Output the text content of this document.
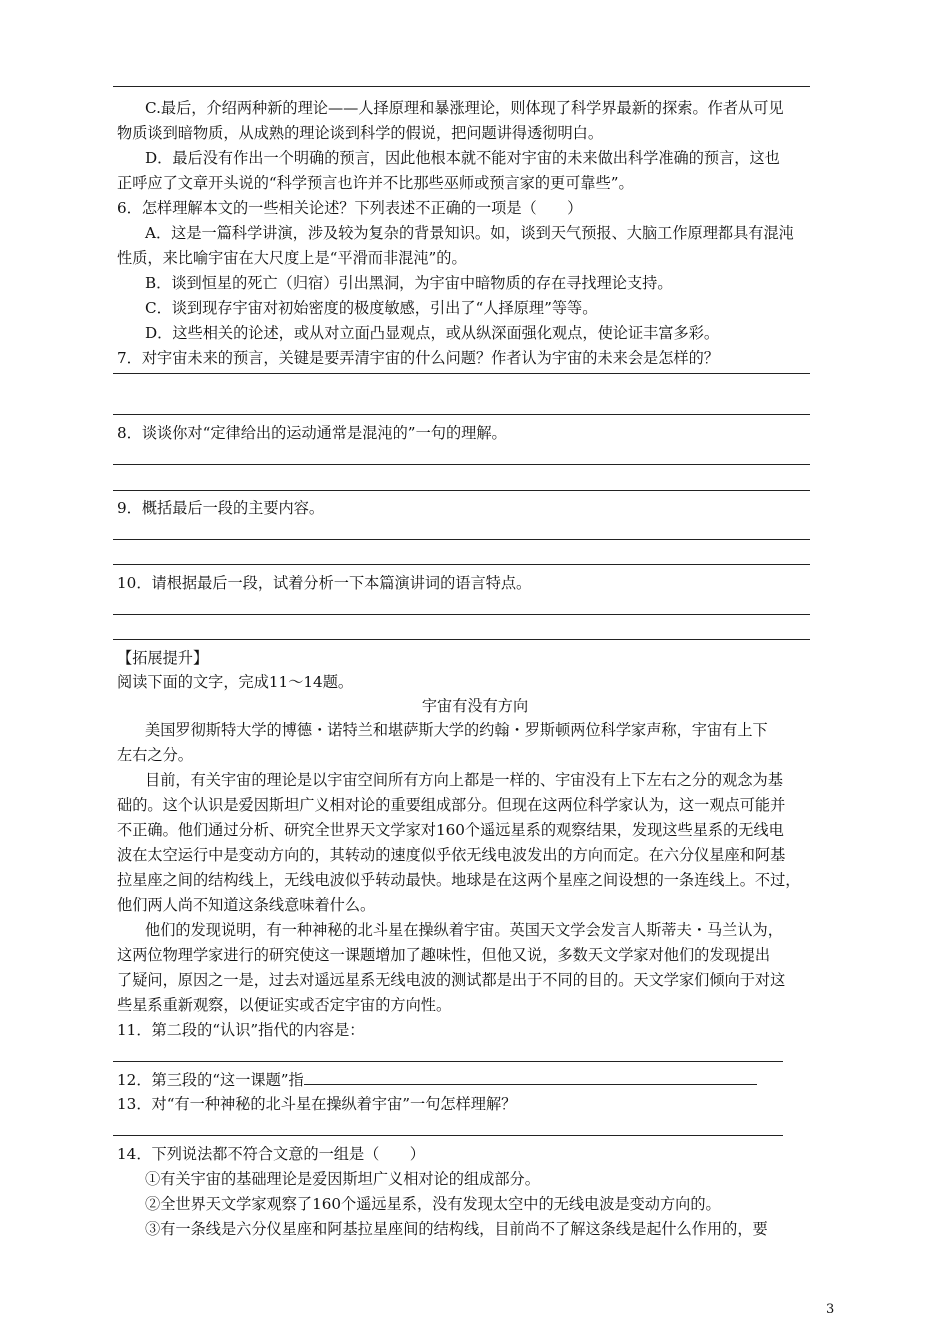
C.最后，介绍两种新的理论——人择原理和暴涨理论，则体现了科学界最新的探索。作者从可见
物质谈到暗物质，从成熟的理论谈到科学的假说，把问题讲得透彻明白。
D．最后没有作出一个明确的预言，因此他根本就不能对宇宙的未来做出科学准确的预言，这也
正呼应了文章开头说的“科学预言也许并不比那些巫师或预言家的更可靠些”。
6．怎样理解本文的一些相关论述？下列表述不正确的一项是（　　）
A．这是一篇科学讲演，涉及较为复杂的背景知识。如，谈到天气预报、大脑工作原理都具有混沌
性质，来比喻宇宙在大尺度上是“平滑而非混沌”的。
B．谈到恒星的死亡（归宿）引出黑洞，为宇宙中暗物质的存在寻找理论支持。
C．谈到现存宇宙对初始密度的极度敏感，引出了“人择原理”等等。
D．这些相关的论述，或从对立面凸显观点，或从纵深面强化观点，使论证丰富多彩。
7．对宇宙未来的预言，关键是要弄清宇宙的什么问题？作者认为宇宙的未来会是怎样的？
8．谈谈你对“定律给出的运动通常是混沌的”一句的理解。
9．概括最后一段的主要内容。
10．请根据最后一段，试着分析一下本篇演讲词的语言特点。
【拓展提升】
阅读下面的文字，完成11～14题。
宇宙有没有方向
美国罗彻斯特大学的博德・诺特兰和堪萨斯大学的约翰・罗斯顿两位科学家声称，宇宙有上下
左右之分。
目前，有关宇宙的理论是以宇宙空间所有方向上都是一样的、宇宙没有上下左右之分的观念为基
础的。这个认识是爱因斯坦广义相对论的重要组成部分。但现在这两位科学家认为，这一观点可能并
不正确。他们通过分析、研究全世界天文学家对160个遥远星系的观察结果，发现这些星系的无线电
波在太空运行中是变动方向的，其转动的速度似乎依无线电波发出的方向而定。在六分仪星座和阿基
拉星座之间的结构线上，无线电波似乎转动最快。地球是在这两个星座之间设想的一条连线上。不过，
他们两人尚不知道这条线意味着什么。
他们的发现说明，有一种神秘的北斗星在操纵着宇宙。英国天文学会发言人斯蒂夫・马兰认为，
这两位物理学家进行的研究使这一课题增加了趣味性，但他又说，多数天文学家对他们的发现提出
了疑问，原因之一是，过去对遥远星系无线电波的测试都是出于不同的目的。天文学家们倾向于对这
些星系重新观察，以便证实或否定宇宙的方向性。
11．第二段的“认识”指代的内容是：
12．第三段的“这一课题”指
13．对“有一种神秘的北斗星在操纵着宇宙”一句怎样理解？
14．下列说法都不符合文意的一组是（　　）
①有关宇宙的基础理论是爱因斯坦广义相对论的组成部分。
②全世界天文学家观察了160个遥远星系，没有发现太空中的无线电波是变动方向的。
③有一条线是六分仪星座和阿基拉星座间的结构线，目前尚不了解这条线是起什么作用的，要
3
